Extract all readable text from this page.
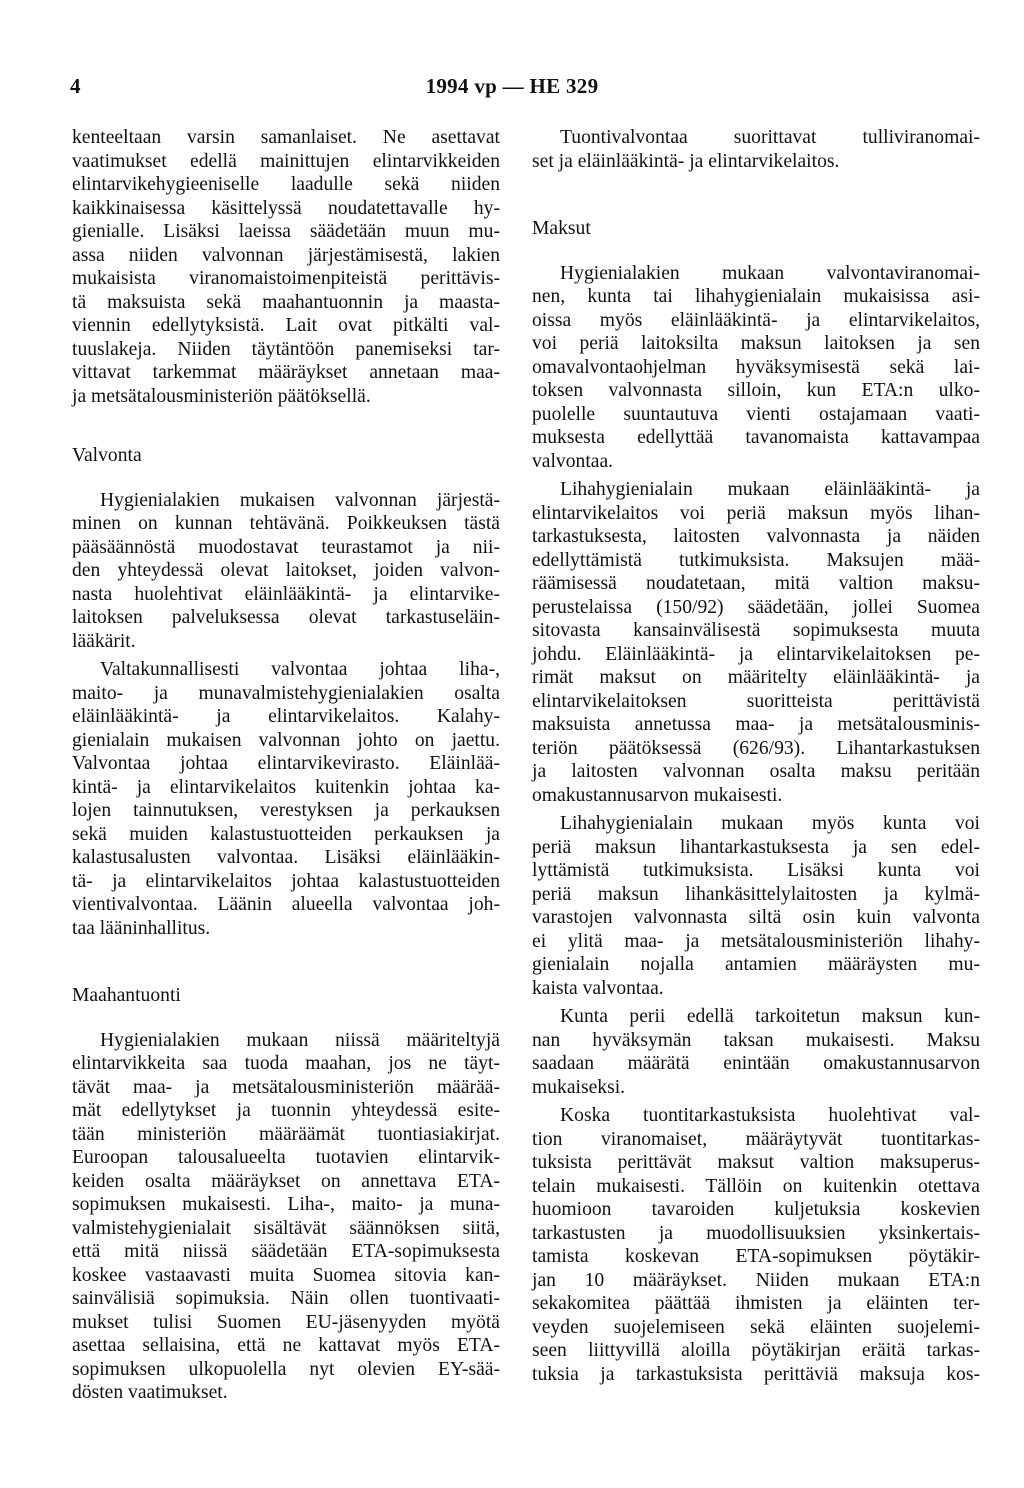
4	1994 vp — HE 329
kenteeltaan varsin samanlaiset. Ne asettavat
vaatimukset edellä mainittujen elintarvikkeiden
elintarvikehygieeniselle laadulle sekä niiden
kaikkinaisessa käsittelyssä noudatettavalle hy-
gienialle. Lisäksi laeissa säädetään muun mu-
assa niiden valvonnan järjestämisestä, lakien
mukaisista viranomaistoimenpiteistä perittävis-
tä maksuista sekä maahantuonnin ja maasta-
viennin edellytyksistä. Lait ovat pitkälti val-
tuuslakeja. Niiden täytäntöön panemiseksi tar-
vittavat tarkemmat määräykset annetaan maa-
ja metsätalousministeriön päätöksellä.
Valvonta
Hygienialakien mukaisen valvonnan järjestä-
minen on kunnan tehtävänä. Poikkeuksen tästä
pääsäännöstä muodostavat teurastamot ja nii-
den yhteydessä olevat laitokset, joiden valvon-
nasta huolehtivat eläinlääkintä- ja elintarvike-
laitoksen palveluksessa olevat tarkastuseläin-
lääkärit.
Valtakunnallisesti valvontaa johtaa liha-,
maito- ja munavalmistehygienialakien osalta
eläinlääkintä- ja elintarvikelaitos. Kalahy-
gienialain mukaisen valvonnan johto on jaettu.
Valvontaa johtaa elintarvikevirasto. Eläinlää-
kintä- ja elintarvikelaitos kuitenkin johtaa ka-
lojen tainnutuksen, verestyksen ja perkauksen
sekä muiden kalastustuotteiden perkauksen ja
kalastusalusten valvontaa. Lisäksi eläinlääkin-
tä- ja elintarvikelaitos johtaa kalastustuotteiden
vientivalvontaa. Läänin alueella valvontaa joh-
taa lääninhallitus.
Maahantuonti
Hygienialakien mukaan niissä määriteltyjä
elintarvikkeita saa tuoda maahan, jos ne täyt-
tävät maa- ja metsätalousministeriön määrää-
mät edellytykset ja tuonnin yhteydessä esite-
tään ministeriön määräämät tuontiasiakirjat.
Euroopan talousalueelta tuotavien elintarvik-
keiden osalta määräykset on annettava ETA-
sopimuksen mukaisesti. Liha-, maito- ja muna-
valmistehygienialait sisältävät säännöksen siitä,
että mitä niissä säädetään ETA-sopimuksesta
koskee vastaavasti muita Suomea sitovia kan-
sainvälisiä sopimuksia. Näin ollen tuontivaati-
mukset tulisi Suomen EU-jäsenyyden myötä
asettaa sellaisina, että ne kattavat myös ETA-
sopimuksen ulkopuolella nyt olevien EY-sää-
dösten vaatimukset.
Tuontivalvontaa suorittavat tulliviranomai-
set ja eläinlääkintä- ja elintarvikelaitos.
Maksut
Hygienialakien mukaan valvontaviranomai-
nen, kunta tai lihahygienialain mukaisissa asi-
oissa myös eläinlääkintä- ja elintarvikelaitos,
voi periä laitoksilta maksun laitoksen ja sen
omavalvontaohjelman hyväksymisestä sekä lai-
toksen valvonnasta silloin, kun ETA:n ulko-
puolelle suuntautuva vienti ostajamaan vaati-
muksesta edellyttää tavanomaista kattavampaa
valvontaa.
Lihahygienialain mukaan eläinlääkintä- ja
elintarvikelaitos voi periä maksun myös lihan-
tarkastuksesta, laitosten valvonnasta ja näiden
edellyttämistä tutkimuksista. Maksujen mää-
räämisessä noudatetaan, mitä valtion maksu-
perustelaissa (150/92) säädetään, jollei Suomea
sitovasta kansainvälisestä sopimuksesta muuta
johdu. Eläinlääkintä- ja elintarvikelaitoksen pe-
rimät maksut on määritelty eläinlääkintä- ja
elintarvikelaitoksen suoritteista perittävistä
maksuista annetussa maa- ja metsätalousminis-
teriön päätöksessä (626/93). Lihantarkastuksen
ja laitosten valvonnan osalta maksu peritään
omakustannusarvon mukaisesti.
Lihahygienialain mukaan myös kunta voi
periä maksun lihantarkastuksesta ja sen edel-
lyttämistä tutkimuksista. Lisäksi kunta voi
periä maksun lihankäsittelylaitosten ja kylmä-
varastojen valvonnasta siltä osin kuin valvonta
ei ylitä maa- ja metsätalousministeriön lihahy-
gienialain nojalla antamien määräysten mu-
kaista valvontaa.
Kunta perii edellä tarkoitetun maksun kun-
nan hyväksymän taksan mukaisesti. Maksu
saadaan määrätä enintään omakustannusarvon
mukaiseksi.
Koska tuontitarkastuksista huolehtivat val-
tion viranomaiset, määräytyvät tuontitarkas-
tuksista perittävät maksut valtion maksuperus-
telain mukaisesti. Tällöin on kuitenkin otettava
huomioon tavaroiden kuljetuksia koskevien
tarkastusten ja muodollisuuksien yksinkertais-
tamista koskevan ETA-sopimuksen pöytäkir-
jan 10 määräykset. Niiden mukaan ETA:n
sekakomitea päättää ihmisten ja eläinten ter-
veyden suojelemiseen sekä eläinten suojelemi-
seen liittyvillä aloilla pöytäkirjan eräitä tarkas-
tuksia ja tarkastuksista perittäviä maksuja kos-
